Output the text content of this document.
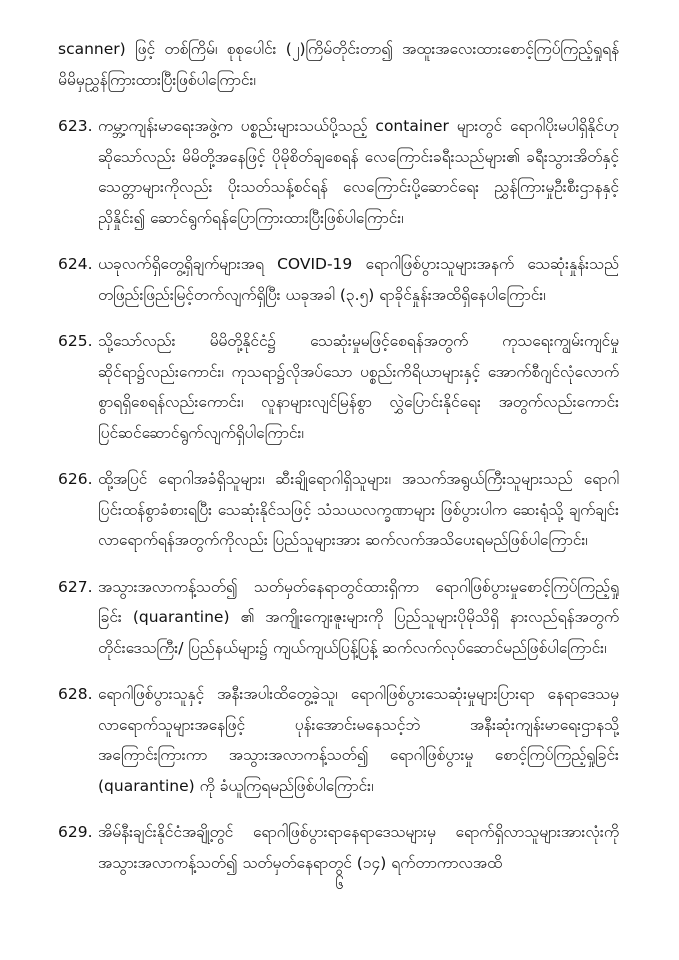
scanner) ဖြင့် တစ်ကြိမ်၊ စုစုပေါင်း (၂)ကြိမ်တိုင်းတာ၍ အထူးအလေးထားစောင့်ကြပ်ကြည့်ရှုရန် မိမိမှညွှန်ကြားထားပြီးဖြစ်ပါကြောင်း၊
623. ကမ္ဘာ့ကျန်းမာရေးအဖွဲ့က ပစ္စည်းများသယ်ပို့သည့် container များတွင် ရောဂါပိုးမပါရှိနိုင်ဟုဆိုသော်လည်း မိမိတို့အနေဖြင့် ပိုမိုစိတ်ချစေရန် လေကြောင်းခရီးသည်များ၏ ခရီးသွားအိတ်နှင့် သေတ္တာများကိုလည်း ပိုးသတ်သန့်စင်ရန် လေကြောင်းပို့ဆောင်ရေး ညွှန်ကြားမှုဦးစီးဌာနနှင့် ညှိနှိုင်း၍ ဆောင်ရွက်ရန်ပြောကြားထားပြီးဖြစ်ပါကြောင်း၊
624. ယခုလက်ရှိတွေ့ရှိချက်များအရ COVID-19 ရောဂါဖြစ်ပွားသူများအနက် သေဆုံးနှုန်းသည် တဖြည်းဖြည်းမြင့်တက်လျက်ရှိပြီး ယခုအခါ (၃.၅) ရာခိုင်နှုန်းအထိရှိနေပါကြောင်း၊
625. သို့သော်လည်း မိမိတို့နိုင်ငံ၌ သေဆုံးမှုမဖြင့်စေရန်အတွက် ကုသရေးကျွမ်းကျင်မှုဆိုင်ရာ၌လည်းကောင်း၊ ကုသရာ၌လိုအပ်သော ပစ္စည်းကိရိယာများနှင့် အောက်စီဂျင်လုံလောက်စွာရရှိစေရန်လည်းကောင်း၊ လူနာများလျင်မြန်စွာ လွှဲပြောင်းနိုင်ရေး အတွက်လည်းကောင်း ပြင်ဆင်ဆောင်ရွက်လျက်ရှိပါကြောင်း၊
626. ထို့အပြင် ရောဂါအခံရှိသူများ၊ ဆီးချိုရောဂါရှိသူများ၊ အသက်အရွယ်ကြီးသူများသည် ရောဂါပြင်းထန်စွာခံစားရပြီး သေဆုံးနိုင်သဖြင့် သံသယလက္ခဏာများ ဖြစ်ပွားပါက ဆေးရုံသို့ ချက်ချင်းလာရောက်ရန်အတွက်ကိုလည်း ပြည်သူများအား ဆက်လက်အသိပေးရမည်ဖြစ်ပါကြောင်း၊
627. အသွားအလာကန့်သတ်၍ သတ်မှတ်နေရာတွင်ထားရှိကာ ရောဂါဖြစ်ပွားမှုစောင့်ကြပ်ကြည့်ရှုခြင်း (quarantine) ၏ အကျိုးကျေးဇူးများကို ပြည်သူများပိုမိုသိရှိ နားလည်ရန်အတွက် တိုင်းဒေသကြီး/ ပြည်နယ်များ၌ ကျယ်ကျယ်ပြန့်ပြန့် ဆက်လက်လုပ်ဆောင်မည်ဖြစ်ပါကြောင်း၊
628. ရောဂါဖြစ်ပွားသူနှင့် အနီးအပါးထိတွေ့ခဲ့သူ၊ ရောဂါဖြစ်ပွားသေဆုံးမှုများပြားရာ နေရာဒေသမှ လာရောက်သူများအနေဖြင့် ပုန်းအောင်းမနေသင့်ဘဲ အနီးဆုံးကျန်းမာရေးဌာနသို့ အကြောင်းကြားကာ အသွားအလာကန့်သတ်၍ ရောဂါဖြစ်ပွားမှု စောင့်ကြပ်ကြည့်ရှုခြင်း (quarantine) ကို ခံယူကြရမည်ဖြစ်ပါကြောင်း၊
629. အိမ်နီးချင်းနိုင်ငံအချို့တွင် ရောဂါဖြစ်ပွားရာနေရာဒေသများမှ ရောက်ရှိလာသူများအားလုံးကို အသွားအလာကန့်သတ်၍ သတ်မှတ်နေရာတွင် (၁၄) ရက်တာကာလအထိ
၆
